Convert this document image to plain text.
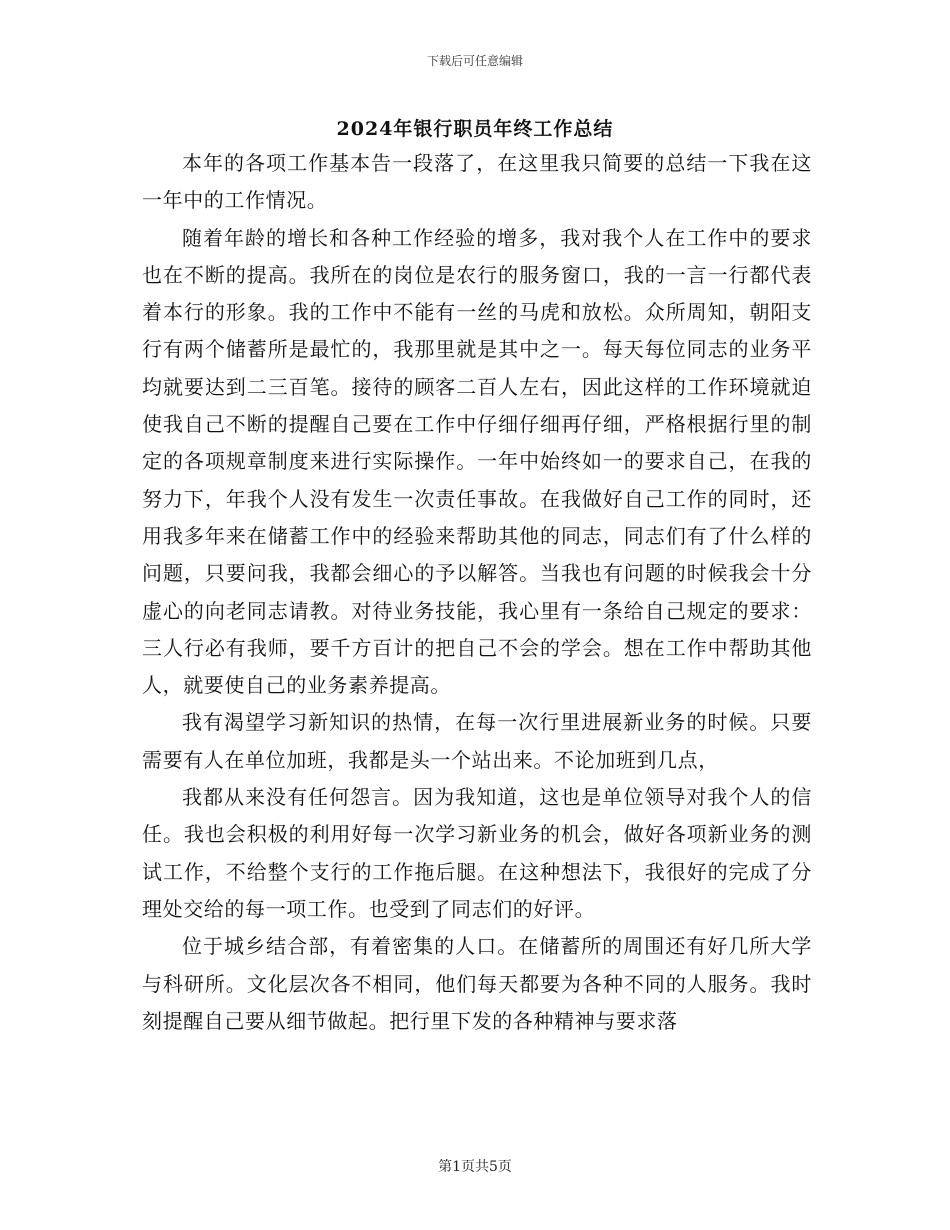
下载后可任意编辑
2024年银行职员年终工作总结

本年的各项工作基本告一段落了，在这里我只简要的总结一下我在这一年中的工作情况。

随着年龄的增长和各种工作经验的增多，我对我个人在工作中的要求也在不断的提高。我所在的岗位是农行的服务窗口，我的一言一行都代表着本行的形象。我的工作中不能有一丝的马虎和放松。众所周知，朝阳支行有两个储蓄所是最忙的，我那里就是其中之一。每天每位同志的业务平均就要达到二三百笔。接待的顾客二百人左右，因此这样的工作环境就迫使我自己不断的提醒自己要在工作中仔细仔细再仔细，严格根据行里的制定的各项规章制度来进行实际操作。一年中始终如一的要求自己，在我的努力下，年我个人没有发生一次责任事故。在我做好自己工作的同时，还用我多年来在储蓄工作中的经验来帮助其他的同志，同志们有了什么样的问题，只要问我，我都会细心的予以解答。当我也有问题的时候我会十分虚心的向老同志请教。对待业务技能，我心里有一条给自己规定的要求：三人行必有我师，要千方百计的把自己不会的学会。想在工作中帮助其他人，就要使自己的业务素养提高。

我有渴望学习新知识的热情，在每一次行里进展新业务的时候。只要需要有人在单位加班，我都是头一个站出来。不论加班到几点，

我都从来没有任何怨言。因为我知道，这也是单位领导对我个人的信任。我也会积极的利用好每一次学习新业务的机会，做好各项新业务的测试工作，不给整个支行的工作拖后腿。在这种想法下，我很好的完成了分理处交给的每一项工作。也受到了同志们的好评。

位于城乡结合部，有着密集的人口。在储蓄所的周围还有好几所大学与科研所。文化层次各不相同，他们每天都要为各种不同的人服务。我时刻提醒自己要从细节做起。把行里下发的各种精神与要求落

第1页共5页
